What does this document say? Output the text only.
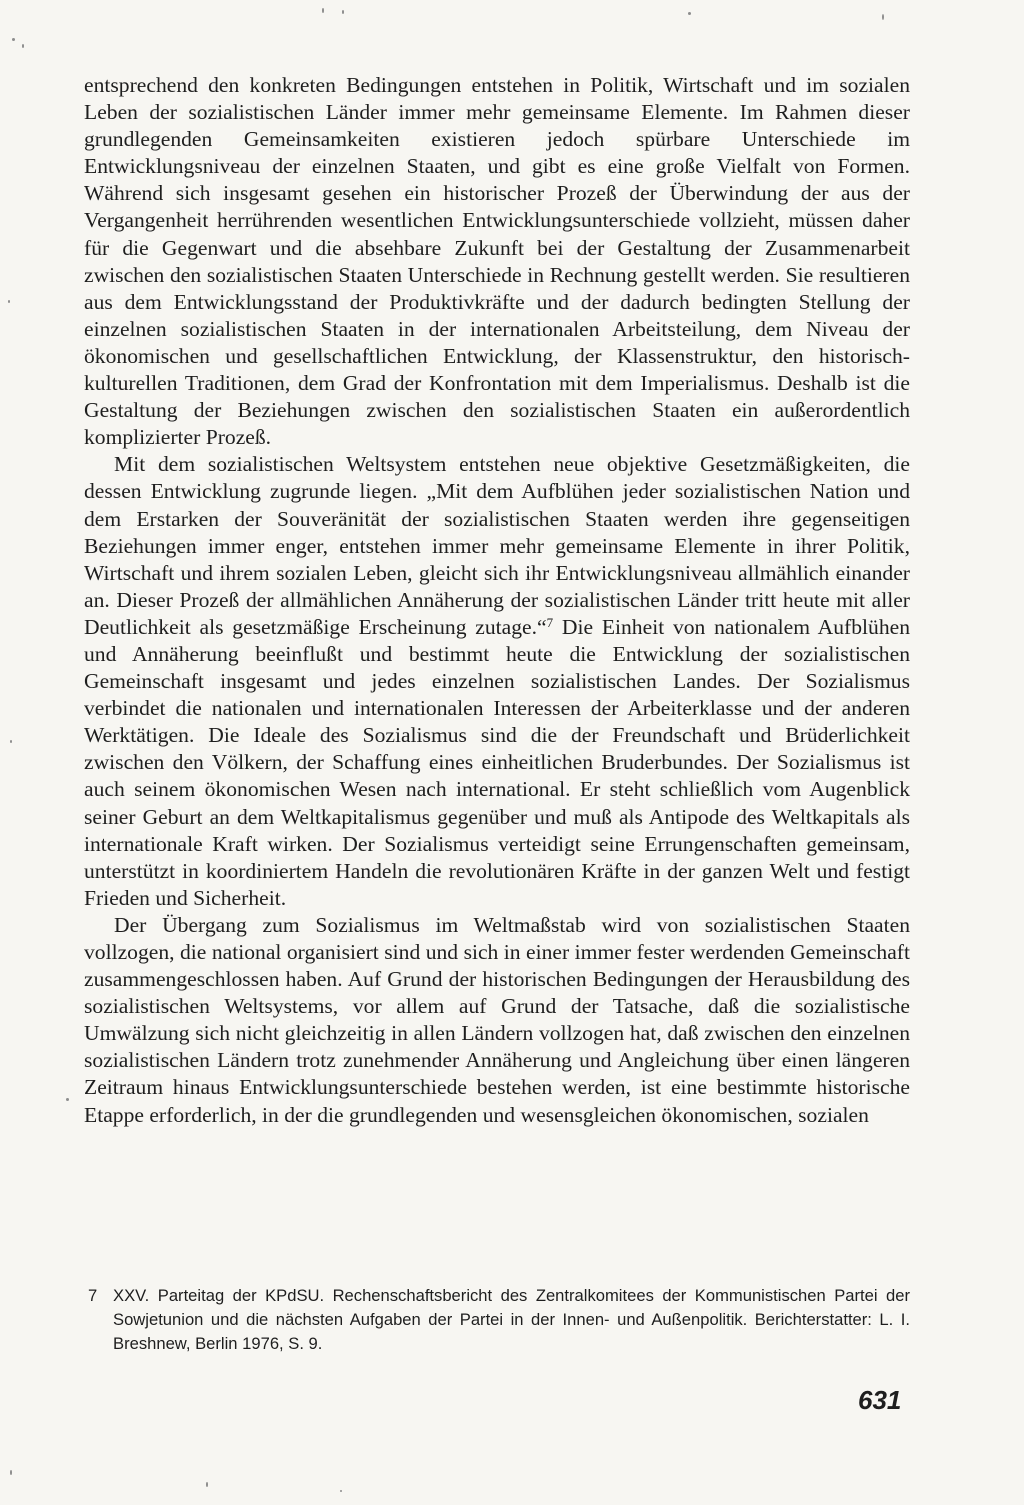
entsprechend den konkreten Bedingungen entstehen in Politik, Wirtschaft und im sozialen Leben der sozialistischen Länder immer mehr gemeinsame Elemente. Im Rahmen dieser grundlegenden Gemeinsamkeiten existieren jedoch spürbare Unterschiede im Entwicklungsniveau der einzelnen Staaten, und gibt es eine große Vielfalt von Formen. Während sich insgesamt gesehen ein historischer Prozeß der Überwindung der aus der Vergangenheit herrührenden wesentlichen Entwicklungsunterschiede vollzieht, müssen daher für die Gegenwart und die absehbare Zukunft bei der Gestaltung der Zusammenarbeit zwischen den sozialistischen Staaten Unterschiede in Rechnung gestellt werden. Sie resultieren aus dem Entwicklungsstand der Produktivkräfte und der dadurch bedingten Stellung der einzelnen sozialistischen Staaten in der internationalen Arbeitsteilung, dem Niveau der ökonomischen und gesellschaftlichen Entwicklung, der Klassenstruktur, den historisch-kulturellen Traditionen, dem Grad der Konfrontation mit dem Imperialismus. Deshalb ist die Gestaltung der Beziehungen zwischen den sozialistischen Staaten ein außerordentlich komplizierter Prozeß.

Mit dem sozialistischen Weltsystem entstehen neue objektive Gesetzmäßigkeiten, die dessen Entwicklung zugrunde liegen. „Mit dem Aufblühen jeder sozialistischen Nation und dem Erstarken der Souveränität der sozialistischen Staaten werden ihre gegenseitigen Beziehungen immer enger, entstehen immer mehr gemeinsame Elemente in ihrer Politik, Wirtschaft und ihrem sozialen Leben, gleicht sich ihr Entwicklungsniveau allmählich einander an. Dieser Prozeß der allmählichen Annäherung der sozialistischen Länder tritt heute mit aller Deutlichkeit als gesetzmäßige Erscheinung zutage.“$^7$ Die Einheit von nationalem Aufblühen und Annäherung beeinflußt und bestimmt heute die Entwicklung der sozialistischen Gemeinschaft insgesamt und jedes einzelnen sozialistischen Landes. Der Sozialismus verbindet die nationalen und internationalen Interessen der Arbeiterklasse und der anderen Werktätigen. Die Ideale des Sozialismus sind die der Freundschaft und Brüderlichkeit zwischen den Völkern, der Schaffung eines einheitlichen Bruderbundes. Der Sozialismus ist auch seinem ökonomischen Wesen nach international. Er steht schließlich vom Augenblick seiner Geburt an dem Weltkapitalismus gegenüber und muß als Antipode des Weltkapitals als internationale Kraft wirken. Der Sozialismus verteidigt seine Errungenschaften gemeinsam, unterstützt in koordiniertem Handeln die revolutionären Kräfte in der ganzen Welt und festigt Frieden und Sicherheit.

Der Übergang zum Sozialismus im Weltmaßstab wird von sozialistischen Staaten vollzogen, die national organisiert sind und sich in einer immer fester werdenden Gemeinschaft zusammengeschlossen haben. Auf Grund der historischen Bedingungen der Herausbildung des sozialistischen Weltsystems, vor allem auf Grund der Tatsache, daß die sozialistische Umwälzung sich nicht gleichzeitig in allen Ländern vollzogen hat, daß zwischen den einzelnen sozialistischen Ländern trotz zunehmender Annäherung und Angleichung über einen längeren Zeitraum hinaus Entwicklungsunterschiede bestehen werden, ist eine bestimmte historische Etappe erforderlich, in der die grundlegenden und wesensgleichen ökonomischen, sozialen

7 XXV. Parteitag der KPdSU. Rechenschaftsbericht des Zentralkomitees der Kommunistischen Partei der Sowjetunion und die nächsten Aufgaben der Partei in der Innen- und Außenpolitik. Berichterstatter: L. I. Breshnew, Berlin 1976, S. 9.
631
